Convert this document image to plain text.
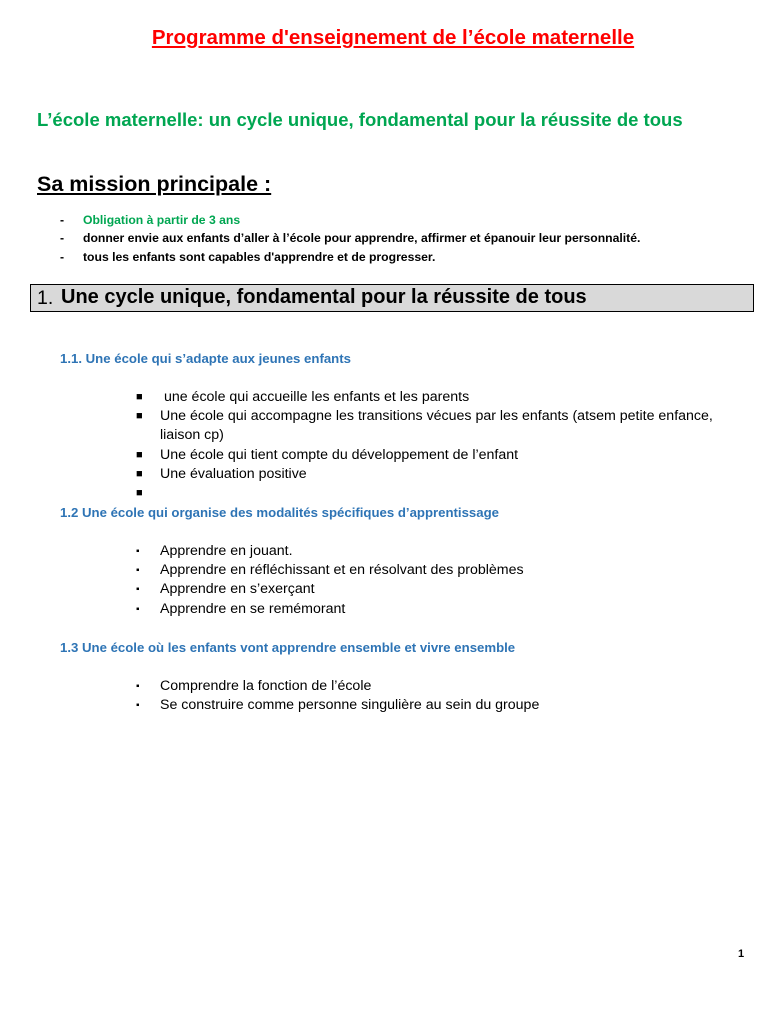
Programme d'enseignement de l’école maternelle
L’école maternelle: un cycle unique, fondamental pour la réussite de tous
Sa mission principale :
- Obligation à partir de 3 ans
- donner envie aux enfants d’aller à l’école pour apprendre, affirmer et épanouir leur personnalité.
- tous les enfants sont capables d'apprendre et de progresser.
1. Une cycle unique, fondamental pour la réussite de tous
1.1. Une école qui s’adapte aux jeunes enfants
■ une école qui accueille les enfants et les parents
■ Une école qui accompagne les transitions vécues par les enfants (atsem petite enfance, liaison cp)
■ Une école qui tient compte du développement de l’enfant
■ Une évaluation positive
■
1.2 Une école qui organise des modalités spécifiques d’apprentissage
▪ Apprendre en jouant.
▪ Apprendre en réfléchissant et en résolvant des problèmes
▪ Apprendre en s’exerçant
▪ Apprendre en se remémorant
1.3 Une école où les enfants vont apprendre ensemble et vivre ensemble
▪ Comprendre la fonction de l’école
▪ Se construire comme personne singulière au sein du groupe
1
